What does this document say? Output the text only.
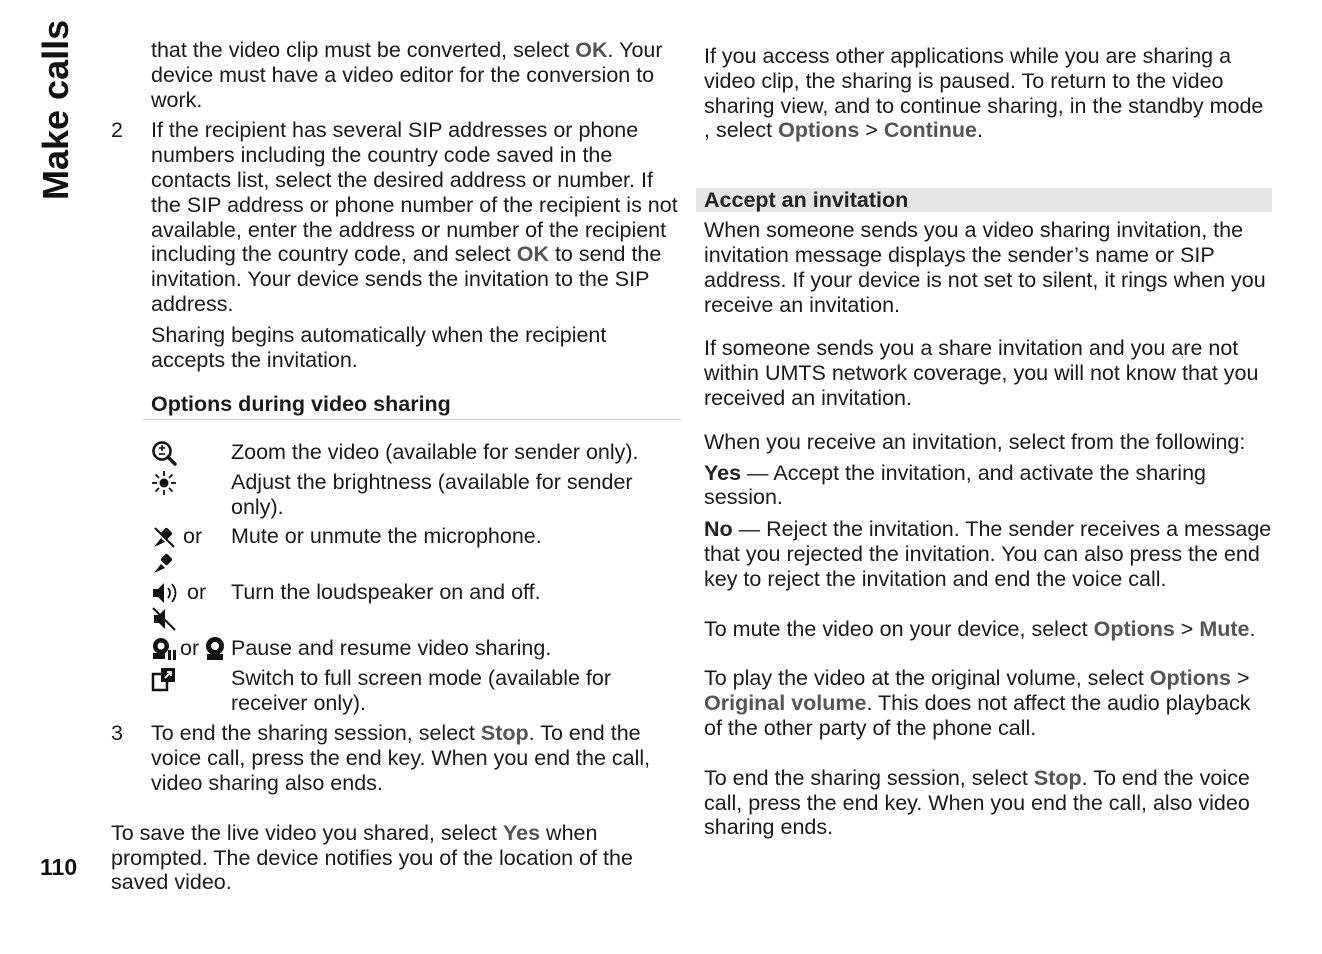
Make calls
110

that the video clip must be converted, select OK. Your device must have a video editor for the conversion to work.

2 If the recipient has several SIP addresses or phone numbers including the country code saved in the contacts list, select the desired address or number. If the SIP address or phone number of the recipient is not available, enter the address or number of the recipient including the country code, and select OK to send the invitation. Your device sends the invitation to the SIP address.

Sharing begins automatically when the recipient accepts the invitation.

Options during video sharing
Zoom the video (available for sender only).
Adjust the brightness (available for sender only).
or Mute or unmute the microphone.
or Turn the loudspeaker on and off.
or Pause and resume video sharing.
Switch to full screen mode (available for receiver only).
3 To end the sharing session, select Stop. To end the voice call, press the end key. When you end the call, video sharing also ends.

To save the live video you shared, select Yes when prompted. The device notifies you of the location of the saved video.

If you access other applications while you are sharing a video clip, the sharing is paused. To return to the video sharing view, and to continue sharing, in the standby mode , select Options > Continue.

Accept an invitation

When someone sends you a video sharing invitation, the invitation message displays the sender’s name or SIP address. If your device is not set to silent, it rings when you receive an invitation.

If someone sends you a share invitation and you are not within UMTS network coverage, you will not know that you received an invitation.

When you receive an invitation, select from the following:

Yes — Accept the invitation, and activate the sharing session.

No — Reject the invitation. The sender receives a message that you rejected the invitation. You can also press the end key to reject the invitation and end the voice call.

To mute the video on your device, select Options > Mute.

To play the video at the original volume, select Options > Original volume. This does not affect the audio playback of the other party of the phone call.

To end the sharing session, select Stop. To end the voice call, press the end key. When you end the call, also video sharing ends.
